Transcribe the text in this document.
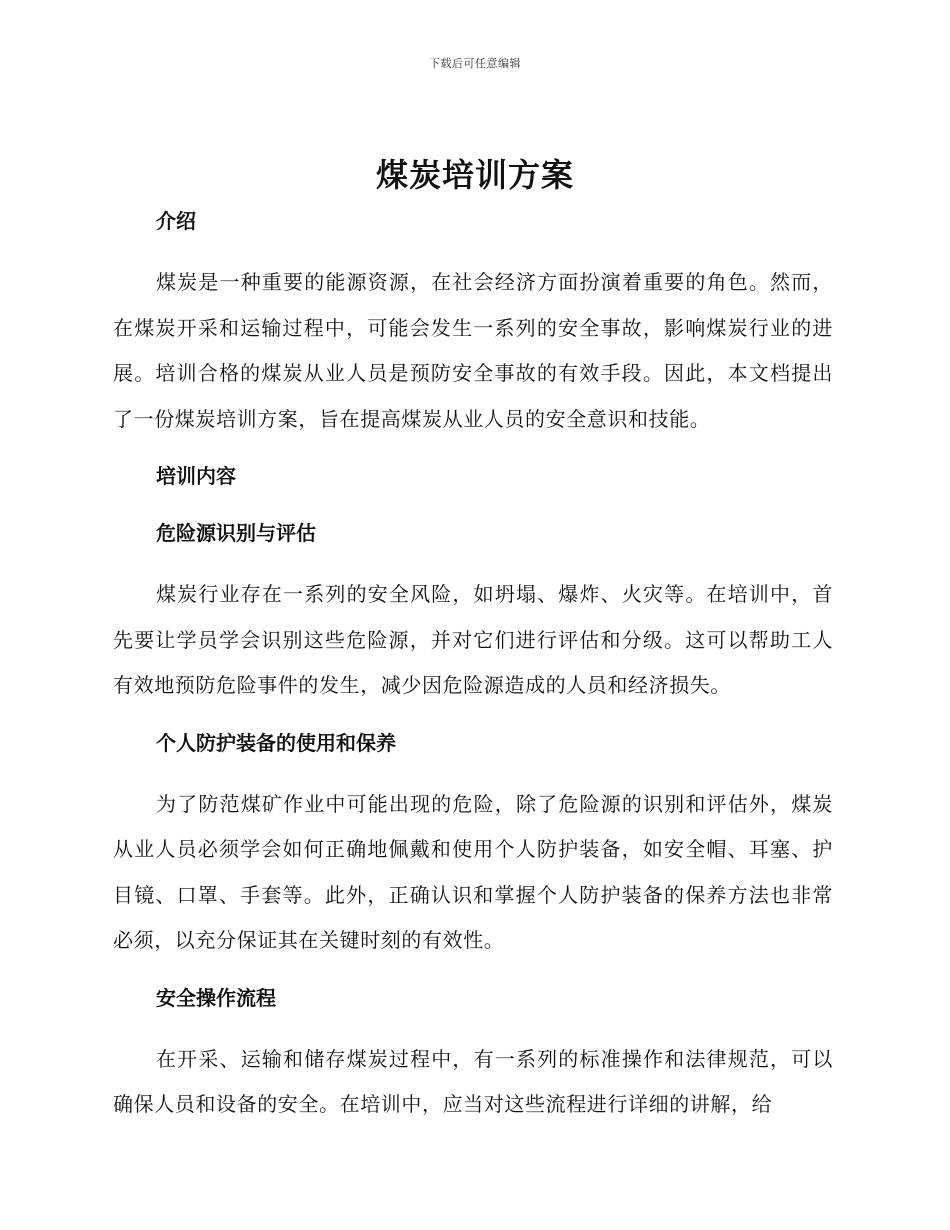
下载后可任意编辑
煤炭培训方案
介绍

煤炭是一种重要的能源资源，在社会经济方面扮演着重要的角色。然而，在煤炭开采和运输过程中，可能会发生一系列的安全事故，影响煤炭行业的进展。培训合格的煤炭从业人员是预防安全事故的有效手段。因此，本文档提出了一份煤炭培训方案，旨在提高煤炭从业人员的安全意识和技能。

培训内容
危险源识别与评估

煤炭行业存在一系列的安全风险，如坍塌、爆炸、火灾等。在培训中，首先要让学员学会识别这些危险源，并对它们进行评估和分级。这可以帮助工人有效地预防危险事件的发生，减少因危险源造成的人员和经济损失。

个人防护装备的使用和保养

为了防范煤矿作业中可能出现的危险，除了危险源的识别和评估外，煤炭从业人员必须学会如何正确地佩戴和使用个人防护装备，如安全帽、耳塞、护目镜、口罩、手套等。此外，正确认识和掌握个人防护装备的保养方法也非常必须，以充分保证其在关键时刻的有效性。

安全操作流程

在开采、运输和储存煤炭过程中，有一系列的标准操作和法律规范，可以确保人员和设备的安全。在培训中，应当对这些流程进行详细的讲解，给
